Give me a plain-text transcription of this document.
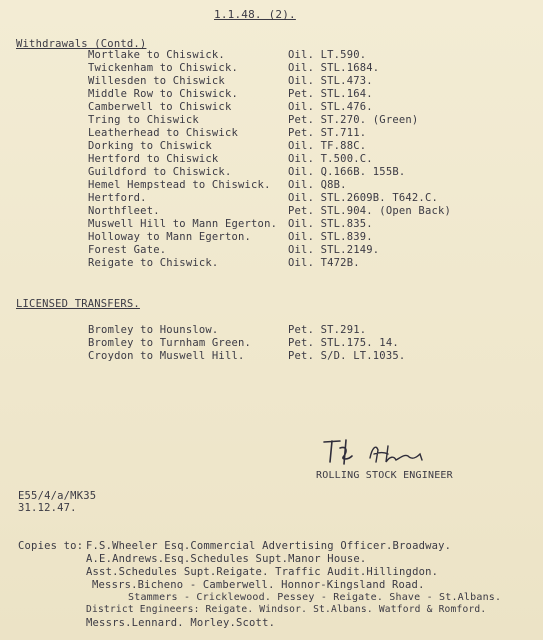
1.1.48. (2).
Withdrawals (Contd.)
Mortlake to Chiswick.	Oil. LT.590.
Twickenham to Chiswick.	Oil. STL.1684.
Willesden to Chiswick	Oil. STL.473.
Middle Row to Chiswick.	Pet. STL.164.
Camberwell to Chiswick	Oil. STL.476.
Tring to Chiswick	Pet. ST.270. (Green)
Leatherhead to Chiswick	Pet. ST.711.
Dorking to Chiswick	Oil. TF.88C.
Hertford to Chiswick	Oil. T.500.C.
Guildford to Chiswick.	Oil. Q.166B. 155B.
Hemel Hempstead to Chiswick. Oil. Q8B.
Hertford.	Oil. STL.2609B. T642.C.
Northfleet.	Pet. STL.904. (Open Back)
Muswell Hill to Mann Egerton. Oil. STL.835.
Holloway to Mann Egerton.	Oil. STL.839.
Forest Gate.	Oil. STL.2149.
Reigate to Chiswick.	Oil. T472B.
LICENSED TRANSFERS.
Bromley to Hounslow.	Pet. ST.291.
Bromley to Turnham Green.	Pet. STL.175. 14.
Croydon to Muswell Hill.	Pet. S/D. LT.1035.
ROLLING STOCK ENGINEER
E55/4/a/MK35
31.12.47.
Copies to: F.S.Wheeler Esq.Commercial Advertising Officer.Broadway.
A.E.Andrews.Esq.Schedules Supt.Manor House.
Asst.Schedules Supt.Reigate. Traffic Audit.Hillingdon.
Messrs.Bicheno - Camberwell. Honnor-Kingsland Road.
Stammers - Cricklewood. Pessey - Reigate. Shave - St.Albans.
District Engineers: Reigate. Windsor. St.Albans. Watford & Romford.
Messrs.Lennard. Morley.Scott.
